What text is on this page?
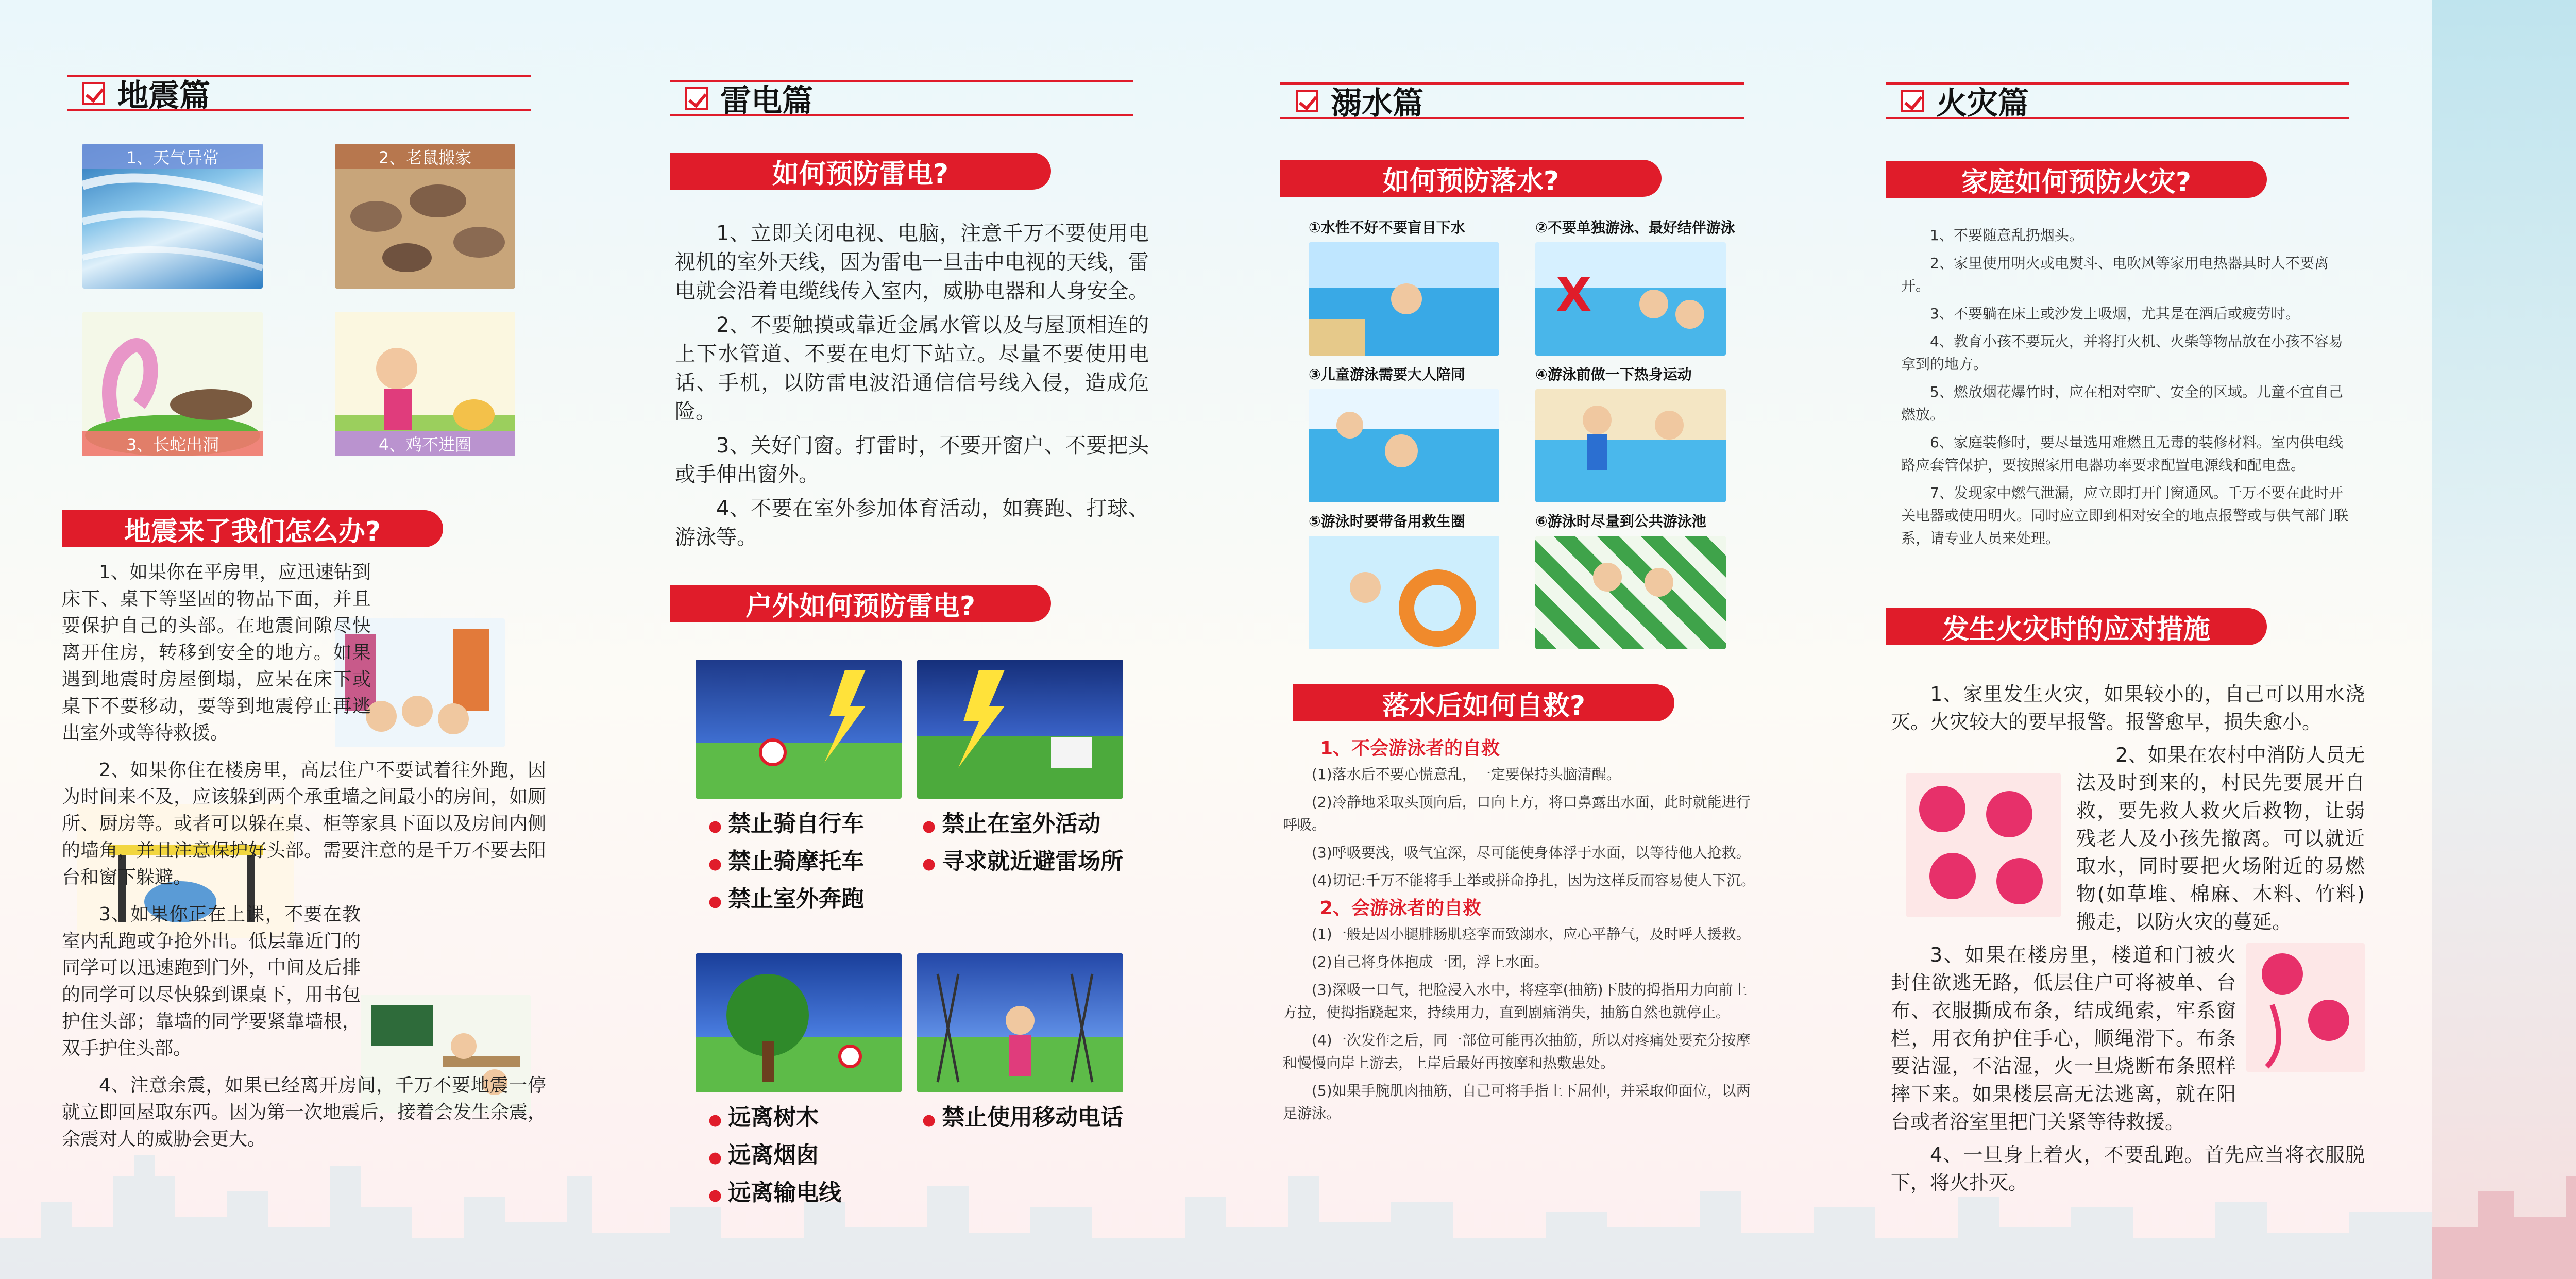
地震篇
1、天气异常	2、老鼠搬家
3、长蛇出洞	4、鸡不进圈
地震来了我们怎么办?

1、如果你在平房里，应迅速钻到床下、桌下等坚固的物品下面，并且要保护自己的头部。在地震间隙尽快离开住房，转移到安全的地方。如果遇到地震时房屋倒塌，应呆在床下或桌下不要移动，要等到地震停止再逃出室外或等待救援。

2、如果你住在楼房里，高层住户不要试着往外跑，因为时间来不及，应该躲到两个承重墙之间最小的房间，如厕所、厨房等。或者可以躲在桌、柜等家具下面以及房间内侧的墙角，并且注意保护好头部。需要注意的是千万不要去阳台和窗下躲避。

3、如果你正在上课，不要在教室内乱跑或争抢外出。低层靠近门的同学可以迅速跑到门外，中间及后排的同学可以尽快躲到课桌下，用书包护住头部；靠墙的同学要紧靠墙根，双手护住头部。

4、注意余震，如果已经离开房间，千万不要地震一停就立即回屋取东西。因为第一次地震后，接着会发生余震，余震对人的威胁会更大。

雷电篇
如何预防雷电?

1、立即关闭电视、电脑，注意千万不要使用电视机的室外天线，因为雷电一旦击中电视的天线，雷电就会沿着电缆线传入室内，威胁电器和人身安全。

2、不要触摸或靠近金属水管以及与屋顶相连的上下水管道、不要在电灯下站立。尽量不要使用电话、手机，以防雷电波沿通信信号线入侵，造成危险。

3、关好门窗。打雷时，不要开窗户、不要把头或手伸出窗外。

4、不要在室外参加体育活动，如赛跑、打球、游泳等。

户外如何预防雷电?
● 禁止骑自行车
● 禁止骑摩托车
● 禁止室外奔跑
● 禁止在室外活动
● 寻求就近避雷场所
● 远离树木
● 远离烟囱
● 远离输电线
● 禁止使用移动电话
溺水篇
如何预防落水?
①水性不好不要盲目下水	②不要单独游泳、最好结伴游泳
X
③儿童游泳需要大人陪同	④游泳前做一下热身运动
⑤游泳时要带备用救生圈	⑥游泳时尽量到公共游泳池
落水后如何自救?
1、不会游泳者的自救

(1)落水后不要心慌意乱，一定要保持头脑清醒。

(2)冷静地采取头顶向后，口向上方，将口鼻露出水面，此时就能进行呼吸。

(3)呼吸要浅，吸气宜深，尽可能使身体浮于水面，以等待他人抢救。

(4)切记:千万不能将手上举或拼命挣扎，因为这样反而容易使人下沉。

2、会游泳者的自救

(1)一般是因小腿腓肠肌痉挛而致溺水，应心平静气，及时呼人援救。

(2)自己将身体抱成一团，浮上水面。

(3)深吸一口气，把脸浸入水中，将痉挛(抽筋)下肢的拇指用力向前上方拉，使拇指跷起来，持续用力，直到剧痛消失，抽筋自然也就停止。

(4)一次发作之后，同一部位可能再次抽筋，所以对疼痛处要充分按摩和慢慢向岸上游去，上岸后最好再按摩和热敷患处。

(5)如果手腕肌肉抽筋，自己可将手指上下屈伸，并采取仰面位，以两足游泳。

火灾篇
家庭如何预防火灾?

1、不要随意乱扔烟头。

2、家里使用明火或电熨斗、电吹风等家用电热器具时人不要离开。

3、不要躺在床上或沙发上吸烟，尤其是在酒后或疲劳时。

4、教育小孩不要玩火，并将打火机、火柴等物品放在小孩不容易拿到的地方。

5、燃放烟花爆竹时，应在相对空旷、安全的区域。儿童不宜自己燃放。

6、家庭装修时，要尽量选用难燃且无毒的装修材料。室内供电线路应套管保护，要按照家用电器功率要求配置电源线和配电盘。

7、发现家中燃气泄漏，应立即打开门窗通风。千万不要在此时开关电器或使用明火。同时应立即到相对安全的地点报警或与供气部门联系，请专业人员来处理。

发生火灾时的应对措施

1、家里发生火灾，如果较小的，自己可以用水浇灭。火灾较大的要早报警。报警愈早，损失愈小。

2、如果在农村中消防人员无法及时到来的，村民先要展开自救，要先救人救火后救物，让弱残老人及小孩先撤离。可以就近取水，同时要把火场附近的易燃物(如草堆、棉麻、木料、竹料)搬走，以防火灾的蔓延。

3、如果在楼房里，楼道和门被火封住欲逃无路，低层住户可将被单、台布、衣服撕成布条，结成绳索，牢系窗栏，用衣角护住手心，顺绳滑下。布条要沾湿，不沾湿，火一旦烧断布条照样摔下来。如果楼层高无法逃离，就在阳台或者浴室里把门关紧等待救援。

4、一旦身上着火，不要乱跑。首先应当将衣服脱下，将火扑灭。
